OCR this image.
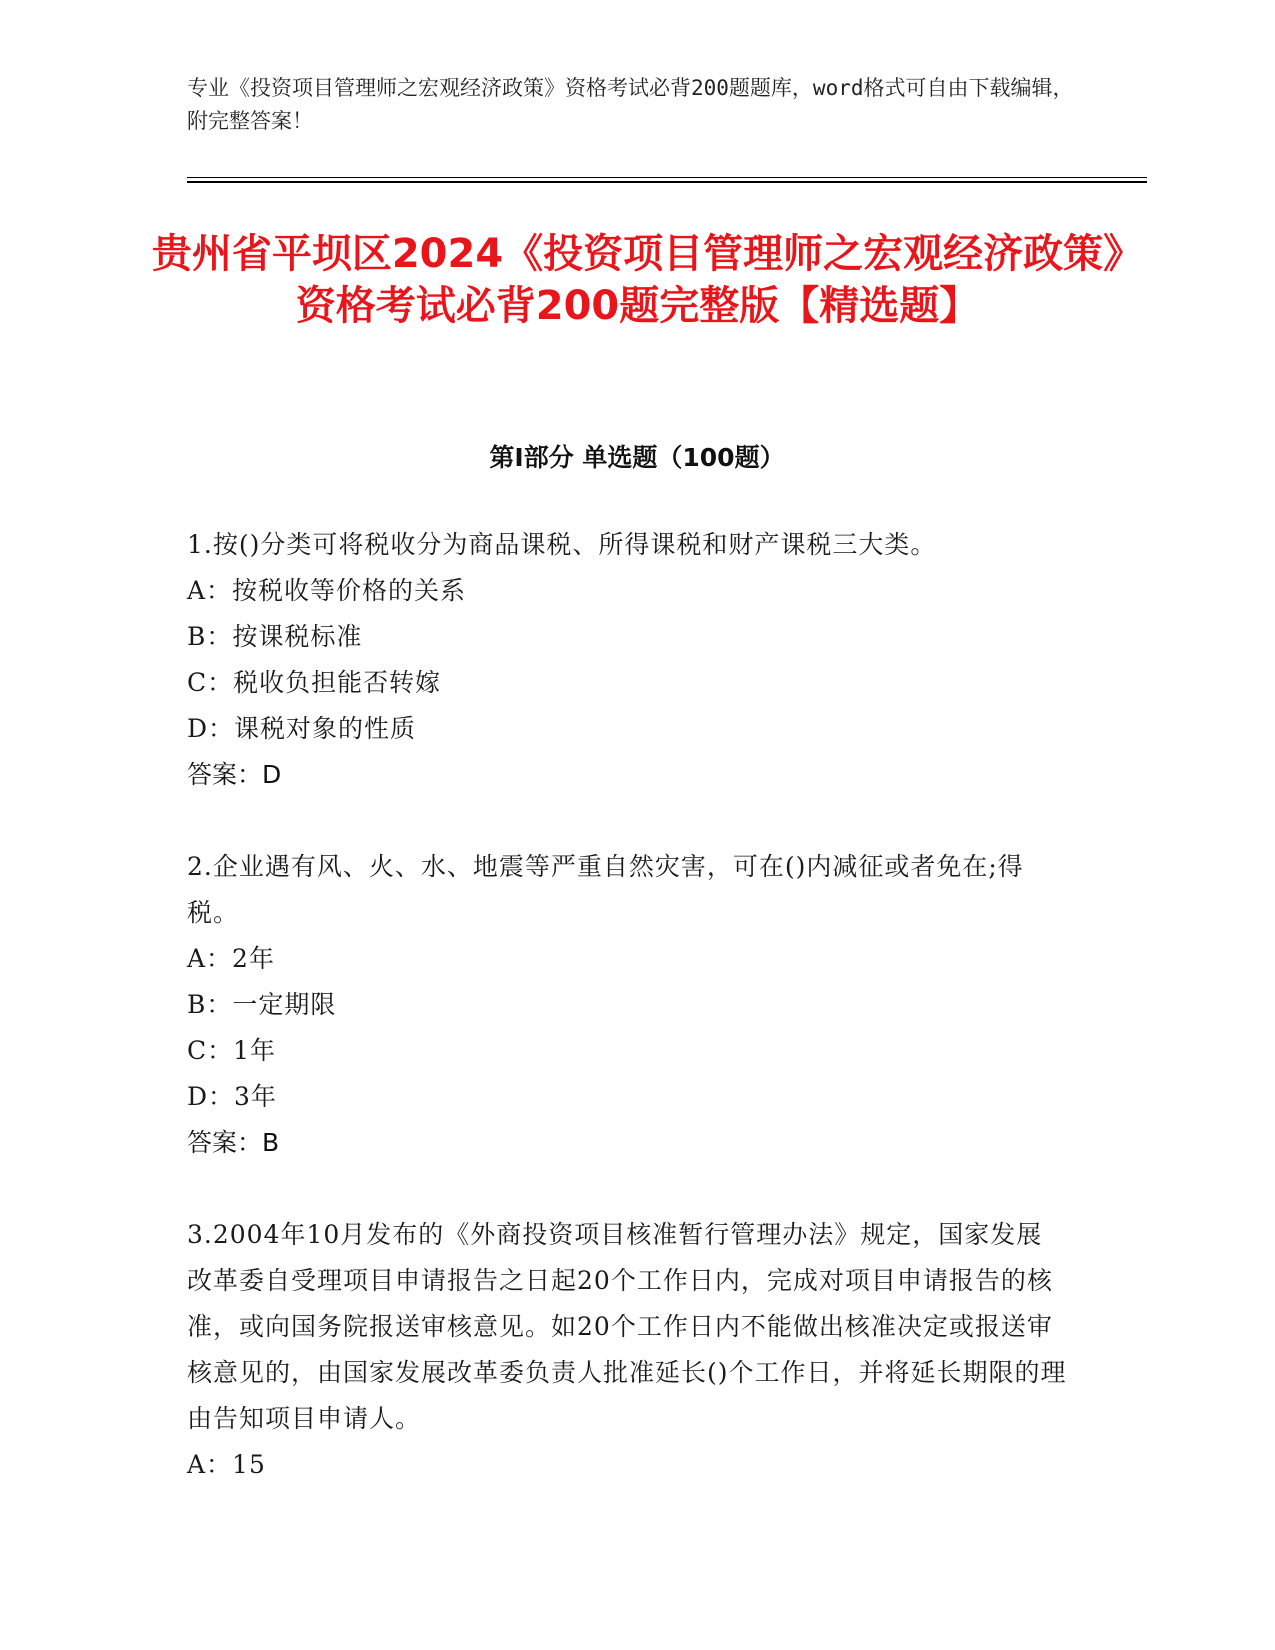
专业《投资项目管理师之宏观经济政策》资格考试必背200题题库，word格式可自由下载编辑，附完整答案！
贵州省平坝区2024《投资项目管理师之宏观经济政策》资格考试必背200题完整版【精选题】
第Ⅰ部分 单选题（100题）
1.按()分类可将税收分为商品课税、所得课税和财产课税三大类。
A：按税收等价格的关系
B：按课税标准
C：税收负担能否转嫁
D：课税对象的性质
答案：D
2.企业遇有风、火、水、地震等严重自然灾害，可在()内减征或者免在;得税。
A：2年
B：一定期限
C：1年
D：3年
答案：B
3.2004年10月发布的《外商投资项目核准暂行管理办法》规定，国家发展改革委自受理项目申请报告之日起20个工作日内，完成对项目申请报告的核准，或向国务院报送审核意见。如20个工作日内不能做出核准决定或报送审核意见的，由国家发展改革委负责人批准延长()个工作日，并将延长期限的理由告知项目申请人。
A：15
